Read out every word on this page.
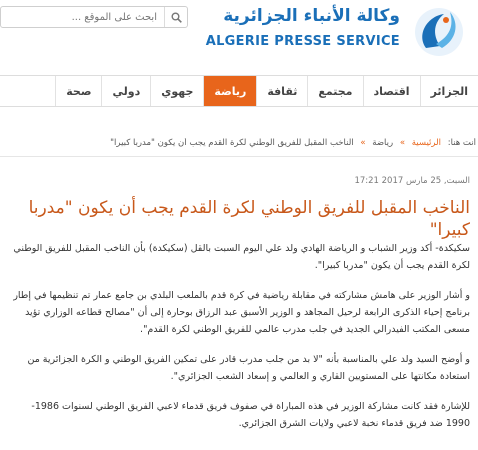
ابحث على الموقع ...
وكالة الأنباء الجزائرية
ALGERIE PRESSE SERVICE
الجزائر
اقتصاد
مجتمع
ثقافة
رياضة
جهوي
دولي
صحة
أنت هنا: الرئيسية » رياضة » الناخب المقبل للفريق الوطني لكرة القدم يجب أن يكون "مدربا كبيرا"
السبت, 25 مارس 2017 17:21
الناخب المقبل للفريق الوطني لكرة القدم يجب أن يكون "مدربا كبيرا"

سكيكدة- أكد وزير الشباب و الرياضة الهادي ولد علي اليوم السبت بالقل (سكيكدة) بأن الناخب المقبل للفريق الوطني لكرة القدم يجب أن يكون "مدربا كبيرا".

و أشار الوزير على هامش مشاركته في مقابلة رياضية في كرة قدم بالملعب البلدي بن جامع عمار تم تنظيمها في إطار برنامج إحياء الذكرى الرابعة لرحيل المجاهد و الوزير الأسبق عبد الرزاق بوحارة إلى أن "مصالح قطاعه الوزاري تؤيد مسعى المكتب الفيدرالي الجديد في جلب مدرب عالمي للفريق الوطني لكرة القدم".

و أوضح السيد ولد علي بالمناسبة بأنه "لا بد من جلب مدرب قادر على تمكين الفريق الوطني و الكرة الجزائرية من استعادة مكانتها على المستويين القاري و العالمي و إسعاد الشعب الجزائري".

للإشارة فقد كانت مشاركة الوزير في هذه المباراة في صفوف فريق قدماء لاعبي الفريق الوطني لسنوات 1986-1990 ضد فريق قدماء نخبة لاعبي ولايات الشرق الجزائري.
